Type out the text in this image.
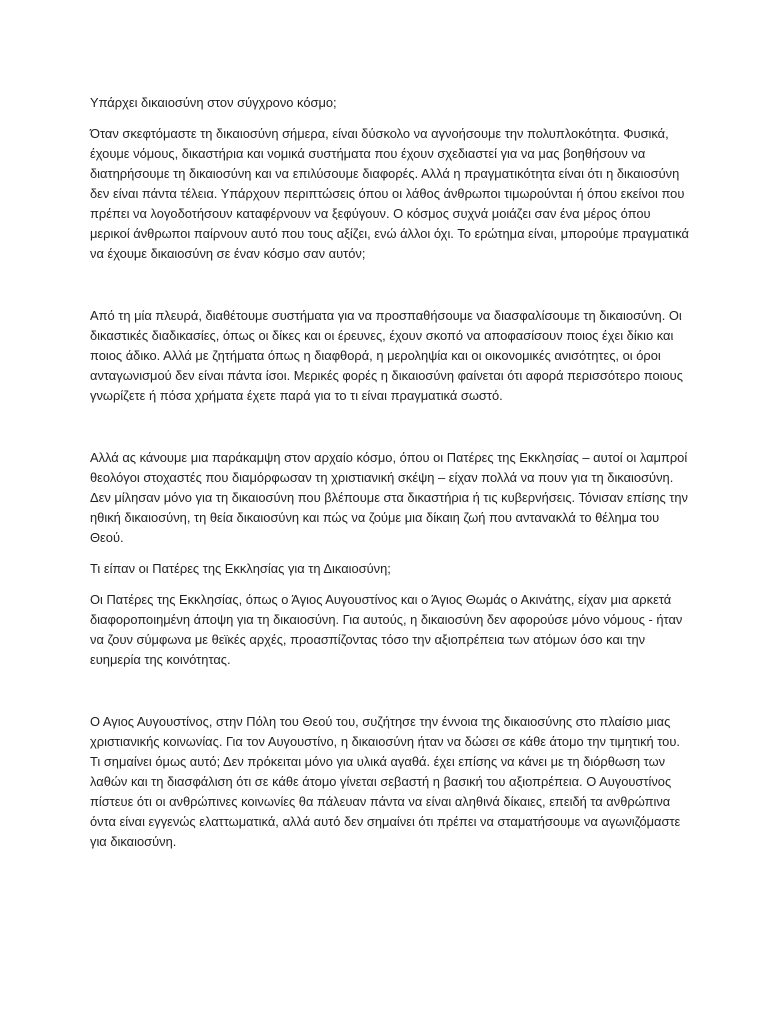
Υπάρχει δικαιοσύνη στον σύγχρονο κόσμο;

Όταν σκεφτόμαστε τη δικαιοσύνη σήμερα, είναι δύσκολο να αγνοήσουμε την πολυπλοκότητα. Φυσικά, έχουμε νόμους, δικαστήρια και νομικά συστήματα που έχουν σχεδιαστεί για να μας βοηθήσουν να διατηρήσουμε τη δικαιοσύνη και να επιλύσουμε διαφορές. Αλλά η πραγματικότητα είναι ότι η δικαιοσύνη δεν είναι πάντα τέλεια. Υπάρχουν περιπτώσεις όπου οι λάθος άνθρωποι τιμωρούνται ή όπου εκείνοι που πρέπει να λογοδοτήσουν καταφέρνουν να ξεφύγουν. Ο κόσμος συχνά μοιάζει σαν ένα μέρος όπου μερικοί άνθρωποι παίρνουν αυτό που τους αξίζει, ενώ άλλοι όχι. Το ερώτημα είναι, μπορούμε πραγματικά να έχουμε δικαιοσύνη σε έναν κόσμο σαν αυτόν;

Από τη μία πλευρά, διαθέτουμε συστήματα για να προσπαθήσουμε να διασφαλίσουμε τη δικαιοσύνη. Οι δικαστικές διαδικασίες, όπως οι δίκες και οι έρευνες, έχουν σκοπό να αποφασίσουν ποιος έχει δίκιο και ποιος άδικο. Αλλά με ζητήματα όπως η διαφθορά, η μεροληψία και οι οικονομικές ανισότητες, οι όροι ανταγωνισμού δεν είναι πάντα ίσοι. Μερικές φορές η δικαιοσύνη φαίνεται ότι αφορά περισσότερο ποιους γνωρίζετε ή πόσα χρήματα έχετε παρά για το τι είναι πραγματικά σωστό.

Αλλά ας κάνουμε μια παράκαμψη στον αρχαίο κόσμο, όπου οι Πατέρες της Εκκλησίας – αυτοί οι λαμπροί θεολόγοι στοχαστές που διαμόρφωσαν τη χριστιανική σκέψη – είχαν πολλά να πουν για τη δικαιοσύνη. Δεν μίλησαν μόνο για τη δικαιοσύνη που βλέπουμε στα δικαστήρια ή τις κυβερνήσεις. Τόνισαν επίσης την ηθική δικαιοσύνη, τη θεία δικαιοσύνη και πώς να ζούμε μια δίκαιη ζωή που αντανακλά το θέλημα του Θεού.

Τι είπαν οι Πατέρες της Εκκλησίας για τη Δικαιοσύνη;

Οι Πατέρες της Εκκλησίας, όπως ο Άγιος Αυγουστίνος και ο Άγιος Θωμάς ο Ακινάτης, είχαν μια αρκετά διαφοροποιημένη άποψη για τη δικαιοσύνη. Για αυτούς, η δικαιοσύνη δεν αφορούσε μόνο νόμους - ήταν να ζουν σύμφωνα με θεϊκές αρχές, προασπίζοντας τόσο την αξιοπρέπεια των ατόμων όσο και την ευημερία της κοινότητας.

Ο Αγιος Αυγουστίνος, στην Πόλη του Θεού του, συζήτησε την έννοια της δικαιοσύνης στο πλαίσιο μιας χριστιανικής κοινωνίας. Για τον Αυγουστίνο, η δικαιοσύνη ήταν να δώσει σε κάθε άτομο την τιμητική του. Τι σημαίνει όμως αυτό; Δεν πρόκειται μόνο για υλικά αγαθά. έχει επίσης να κάνει με τη διόρθωση των λαθών και τη διασφάλιση ότι σε κάθε άτομο γίνεται σεβαστή η βασική του αξιοπρέπεια. Ο Αυγουστίνος πίστευε ότι οι ανθρώπινες κοινωνίες θα πάλευαν πάντα να είναι αληθινά δίκαιες, επειδή τα ανθρώπινα όντα είναι εγγενώς ελαττωματικά, αλλά αυτό δεν σημαίνει ότι πρέπει να σταματήσουμε να αγωνιζόμαστε για δικαιοσύνη.
